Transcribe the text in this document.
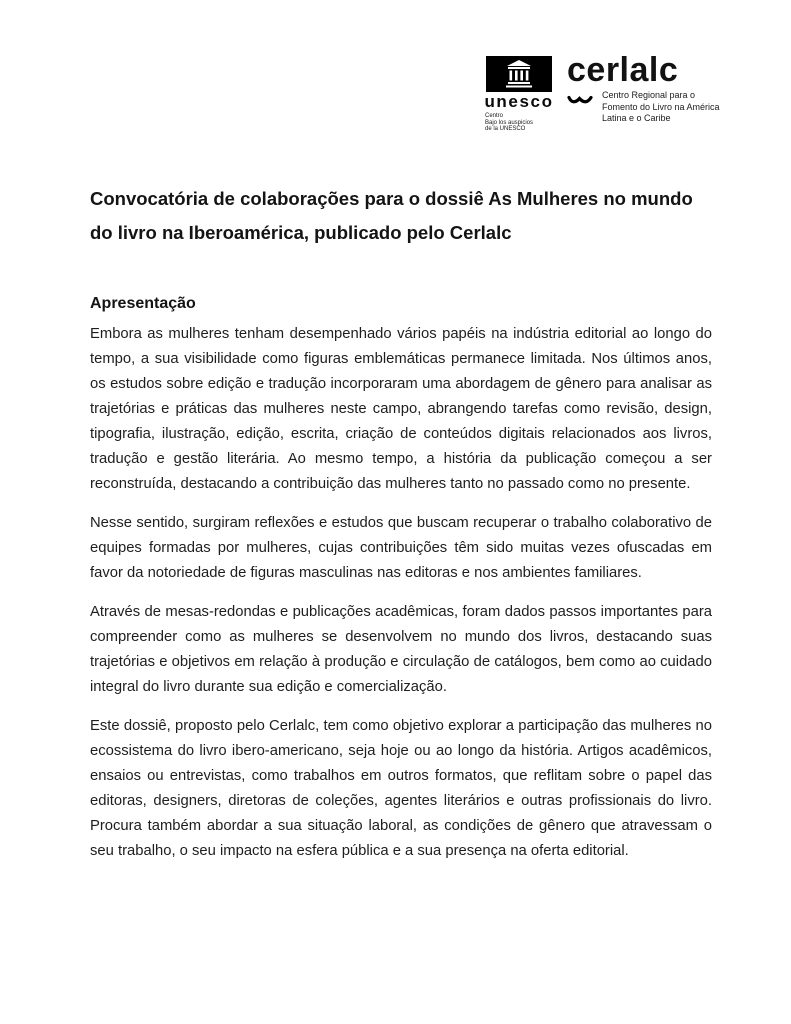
unesco
Centro
Bajo los auspicios
de la UNESCO
cerlalc
Centro Regional para o
Fomento do Livro na América
Latina e o Caribe
Convocatória de colaborações para o dossiê As Mulheres no mundo
do livro na Iberoamérica, publicado pelo Cerlalc
Apresentação

Embora as mulheres tenham desempenhado vários papéis na indústria editorial ao longo do tempo, a sua visibilidade como figuras emblemáticas permanece limitada. Nos últimos anos, os estudos sobre edição e tradução incorporaram uma abordagem de gênero para analisar as trajetórias e práticas das mulheres neste campo, abrangendo tarefas como revisão, design, tipografia, ilustração, edição, escrita, criação de conteúdos digitais relacionados aos livros, tradução e gestão literária. Ao mesmo tempo, a história da publicação começou a ser reconstruída, destacando a contribuição das mulheres tanto no passado como no presente.

Nesse sentido, surgiram reflexões e estudos que buscam recuperar o trabalho colaborativo de equipes formadas por mulheres, cujas contribuições têm sido muitas vezes ofuscadas em favor da notoriedade de figuras masculinas nas editoras e nos ambientes familiares.

Através de mesas-redondas e publicações acadêmicas, foram dados passos importantes para compreender como as mulheres se desenvolvem no mundo dos livros, destacando suas trajetórias e objetivos em relação à produção e circulação de catálogos, bem como ao cuidado integral do livro durante sua edição e comercialização.

Este dossiê, proposto pelo Cerlalc, tem como objetivo explorar a participação das mulheres no ecossistema do livro ibero-americano, seja hoje ou ao longo da história. Artigos acadêmicos, ensaios ou entrevistas, como trabalhos em outros formatos, que reflitam sobre o papel das editoras, designers, diretoras de coleções, agentes literários e outras profissionais do livro. Procura também abordar a sua situação laboral, as condições de gênero que atravessam o seu trabalho, o seu impacto na esfera pública e a sua presença na oferta editorial.
